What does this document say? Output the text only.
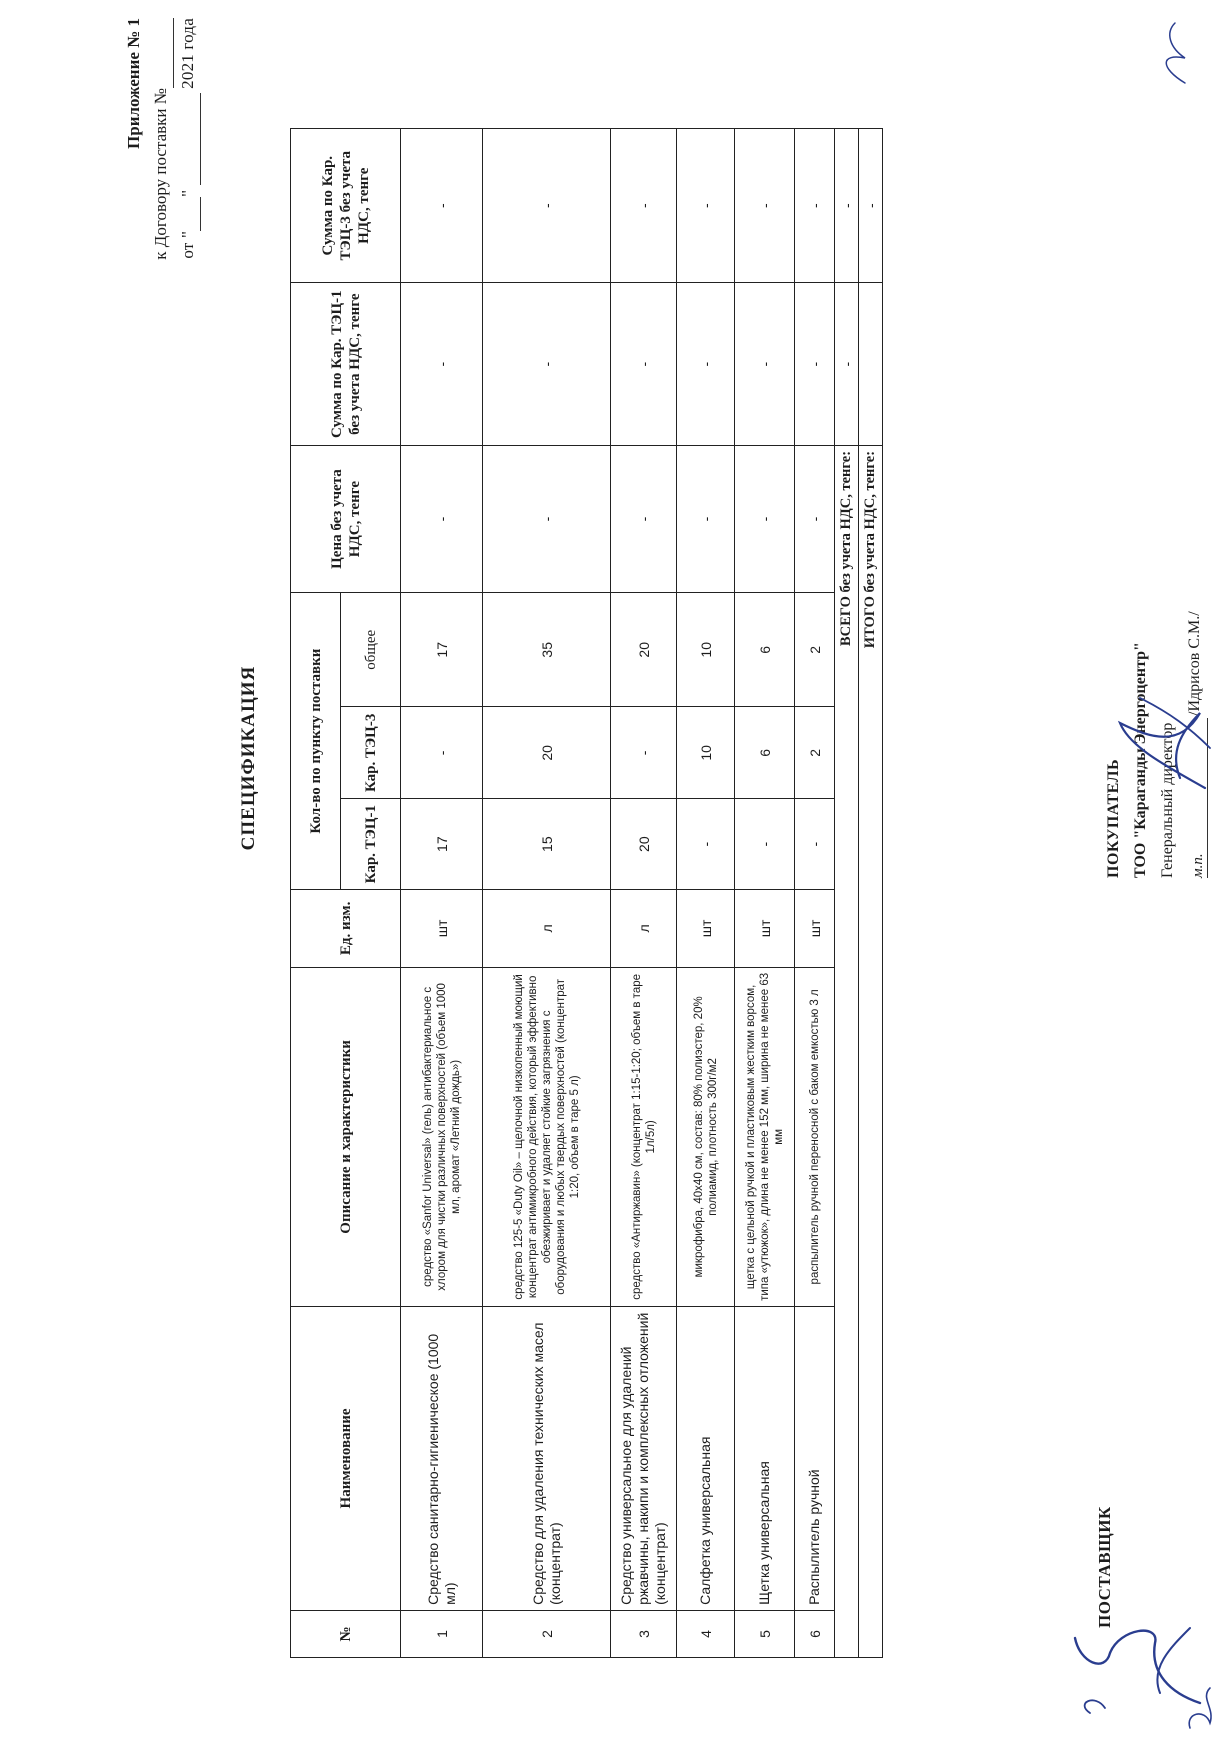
Приложение № 1
к Договору поставки № от ""  2021 года
СПЕЦИФИКАЦИЯ
№	Наименование	Описание и характеристики	Ед. изм.	Кол-во по пункту поставки			Цена без учета НДС, тенге	Сумма по Кар. ТЭЦ-1 без учета НДС, тенге	Сумма по Кар. ТЭЦ-3 без учета НДС, тенге
				Кар. ТЭЦ-1	Кар. ТЭЦ-3	общее			
1	Средство санитарно-гигиеническое (1000 мл)	средство «Sanfor Universal» (гель) антибактериальное с хлором для чистки различных поверхностей (объем 1000 мл, аромат «Летний дождь»)	шт	17	-	17	-	-	-
2	Средство для удаления технических масел (концентрат)	средство 125-5 «Duty Oil» – щелочной низкопенный моющий концентрат антимикробного действия, который эффективно обезжиривает и удаляет стойкие загрязнения с оборудования и любых твердых поверхностей (концентрат 1:20, объем в таре 5 л)	л	15	20	35	-	-	-
3	Средство универсальное для удалений ржавчины, накипи и комплексных отложений (концентрат)	средство «Антиржавин» (концентрат 1:15-1:20; объем в таре 1л/5л)	л	20	-	20	-	-	-
4	Салфетка универсальная	микрофибра, 40х40 см, состав: 80% полиэстер, 20% полиамид, плотность 300г/м2	шт	-	10	10	-	-	-
5	Щетка универсальная	щетка с цельной ручкой и пластиковым жестким ворсом, типа «утюжок», длина не менее 152 мм, ширина не менее 63 мм	шт	-	6	6	-	-	-
6	Распылитель ручной	распылитель ручной переносной с баком емкостью 3 л	шт	-	2	2	-	-	-
			ВСЕГО без учета НДС, тенге:					-	-
			ИТОГО без учета НДС, тенге:						-
ПОСТАВЩИК
ПОКУПАТЕЛЬ ТОО "Караганды Энергоцентр" Генеральный директор
/Идрисов С.М./
м.п.
